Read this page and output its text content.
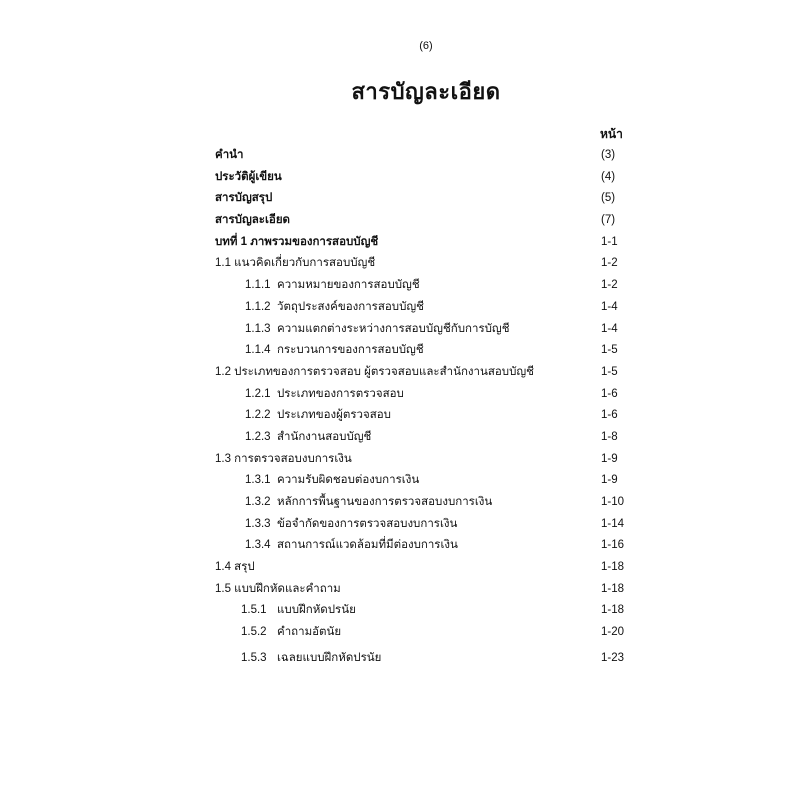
(6)
สารบัญละเอียด
หน้า
คำนำ	(3)
ประวัติผู้เขียน	(4)
สารบัญสรุป	(5)
สารบัญละเอียด	(7)
บทที่ 1 ภาพรวมของการสอบบัญชี	1-1
1.1 แนวคิดเกี่ยวกับการสอบบัญชี	1-2
1.1.1 ความหมายของการสอบบัญชี	1-2
1.1.2 วัตถุประสงค์ของการสอบบัญชี	1-4
1.1.3 ความแตกต่างระหว่างการสอบบัญชีกับการบัญชี	1-4
1.1.4 กระบวนการของการสอบบัญชี	1-5
1.2 ประเภทของการตรวจสอบ ผู้ตรวจสอบและสำนักงานสอบบัญชี	1-5
1.2.1 ประเภทของการตรวจสอบ	1-6
1.2.2 ประเภทของผู้ตรวจสอบ	1-6
1.2.3 สำนักงานสอบบัญชี	1-8
1.3 การตรวจสอบงบการเงิน	1-9
1.3.1 ความรับผิดชอบต่องบการเงิน	1-9
1.3.2 หลักการพื้นฐานของการตรวจสอบงบการเงิน	1-10
1.3.3 ข้อจำกัดของการตรวจสอบงบการเงิน	1-14
1.3.4 สถานการณ์แวดล้อมที่มีต่องบการเงิน	1-16
1.4 สรุป	1-18
1.5 แบบฝึกหัดและคำถาม	1-18
1.5.1 แบบฝึกหัดปรนัย	1-18
1.5.2 คำถามอัตนัย	1-20
1.5.3 เฉลยแบบฝึกหัดปรนัย	1-23
